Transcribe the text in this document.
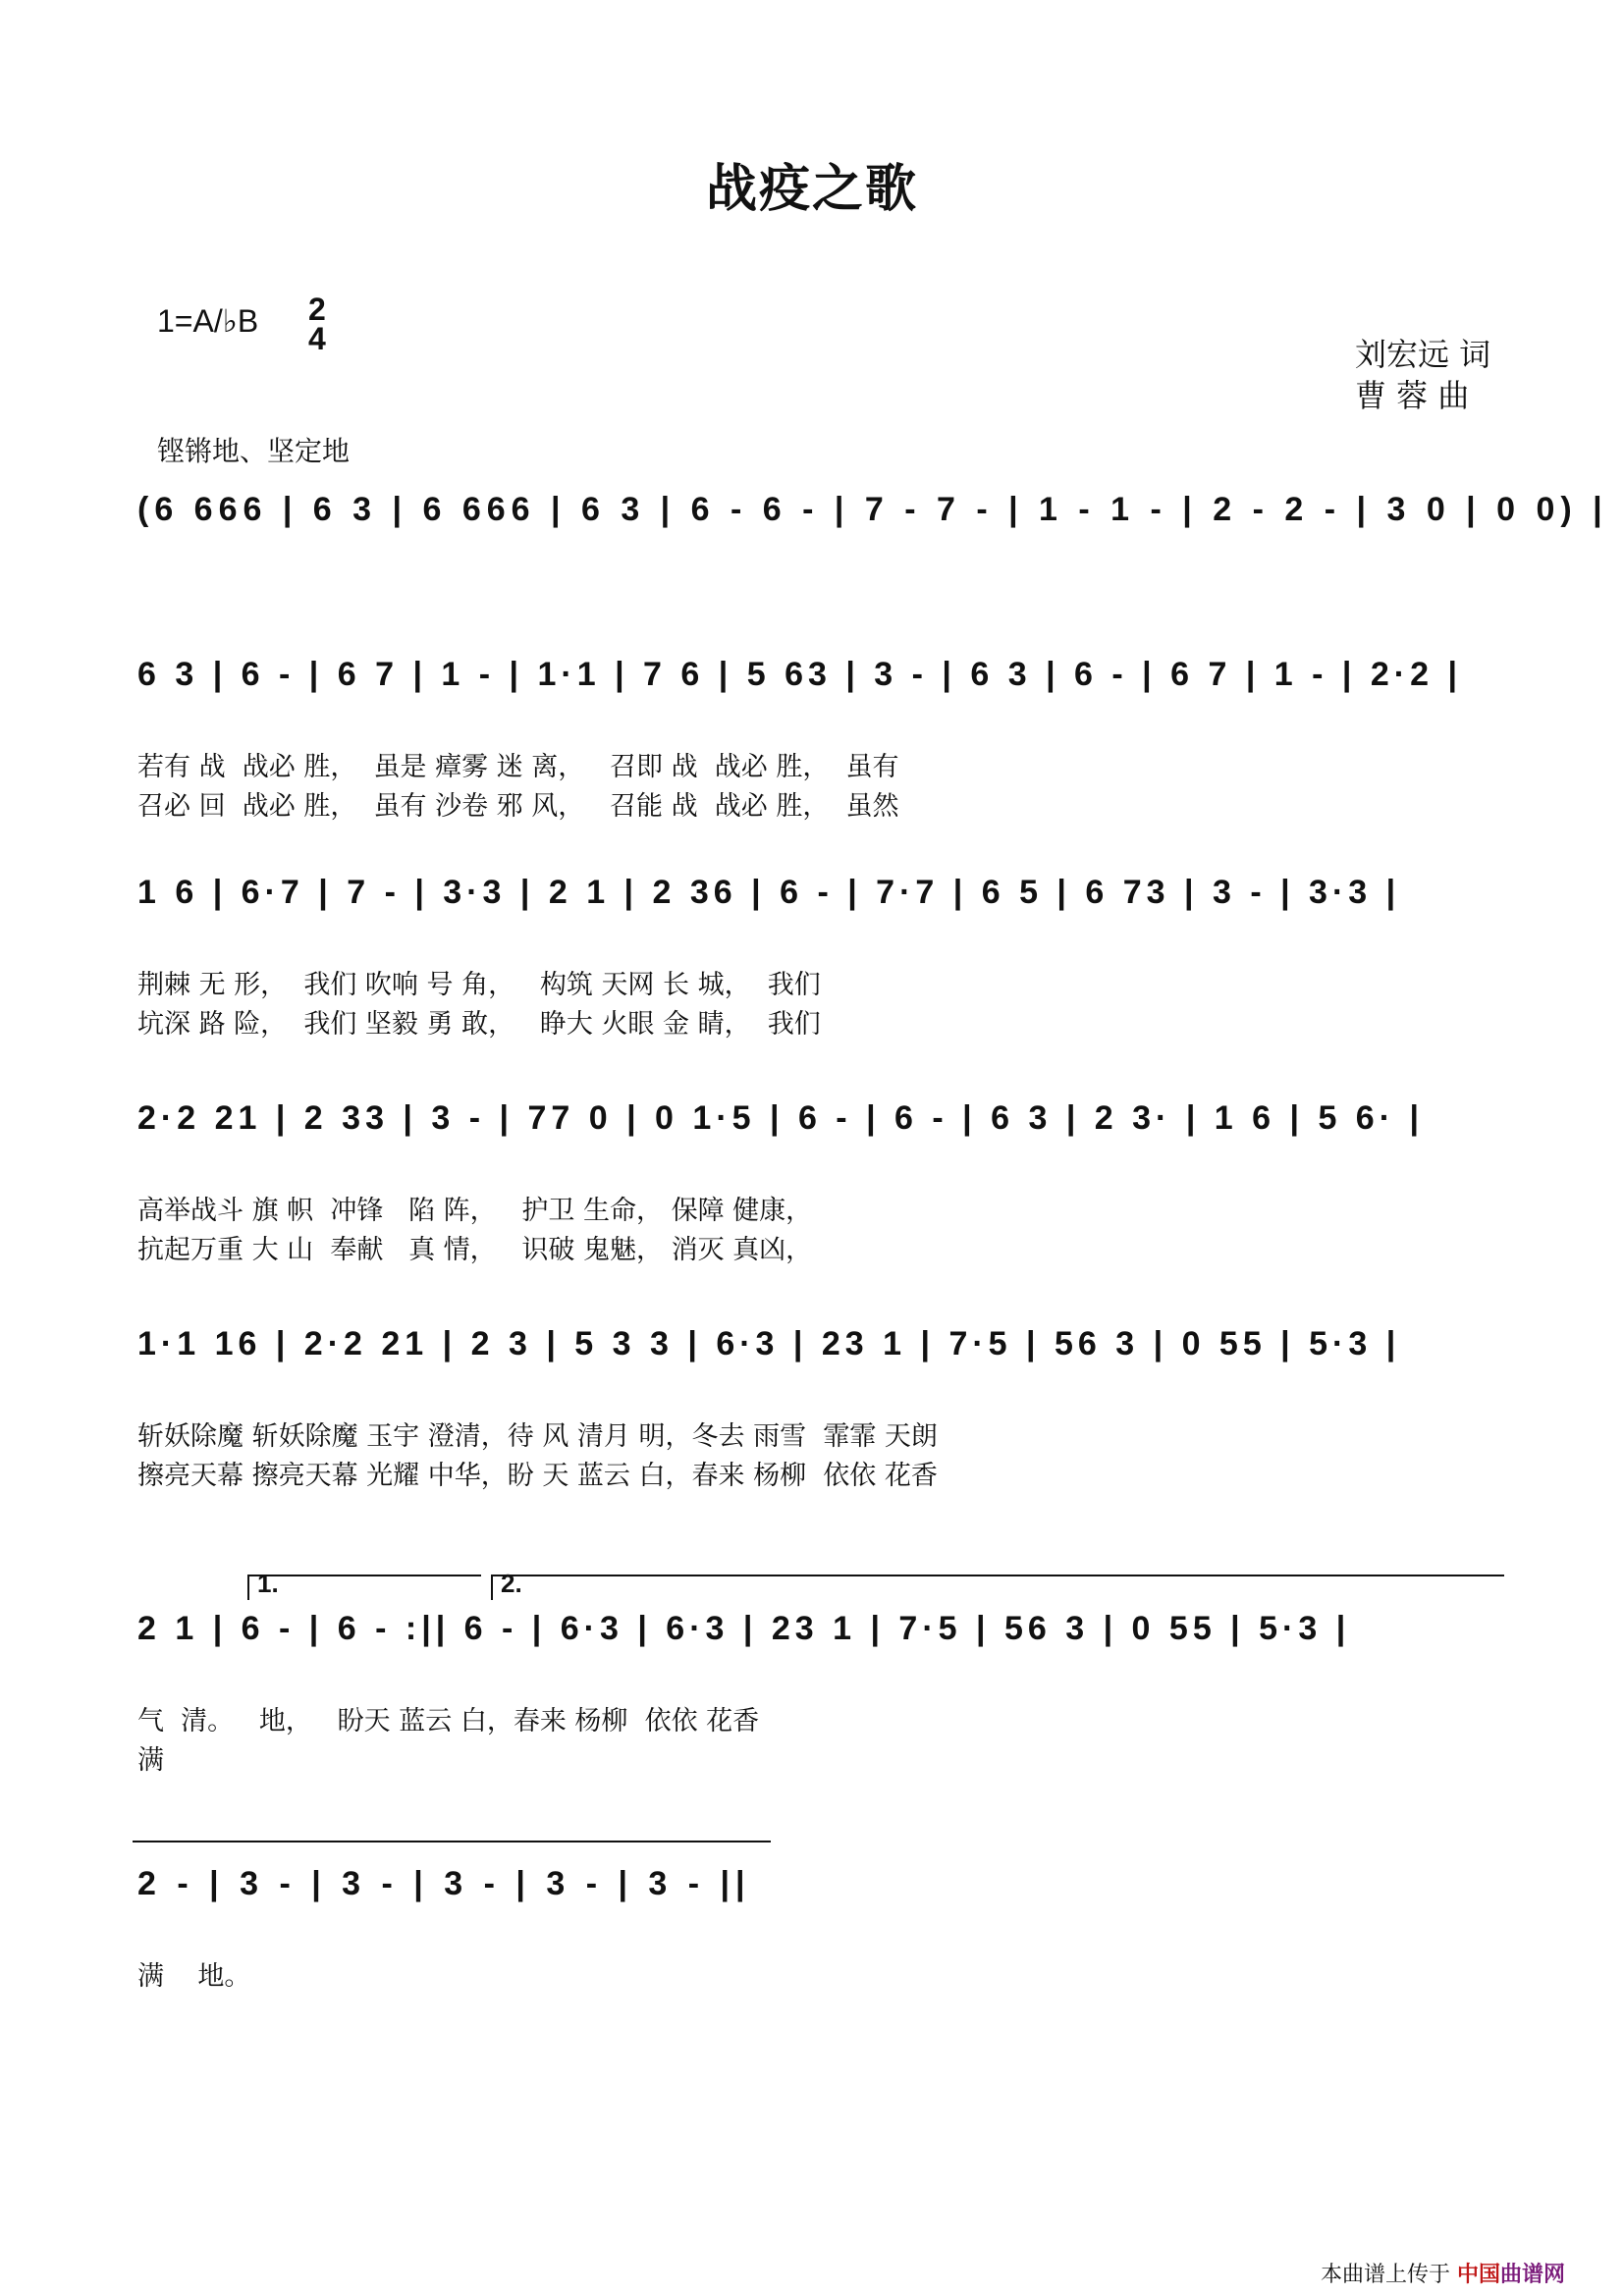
战疫之歌
1=A/♭B 2
4	刘宏远 词
曹 蓉 曲
铿锵地、坚定地
(6 666 | 6 3 | 6 666 | 6 3 | 6 - 6 - | 7 - 7 - | 1 - 1 - | 2 - 2 - | 3 0 | 0 0) |
6 3 | 6 - | 6 7 | 1 - | 1·1 | 7 6 | 5 63 | 3 - | 6 3 | 6 - | 6 7 | 1 - | 2·2 |

若有 战  战必 胜，  虽是 瘴雾 迷 离，   召即 战  战必 胜，  虽有

召必 回  战必 胜，  虽有 沙卷 邪 风，   召能 战  战必 胜，  虽然

1 6 | 6·7 | 7 - | 3·3 | 2 1 | 2 36 | 6 - | 7·7 | 6 5 | 6 73 | 3 - | 3·3 |

荆棘 无 形，  我们 吹响 号 角，   构筑 天网 长 城，  我们

坑深 路 险，  我们 坚毅 勇 敢，   睁大 火眼 金 睛，  我们

2·2 21 | 2 33 | 3 - | 77 0 | 0 1·5 | 6 - | 6 - | 6 3 | 2 3· | 1 6 | 5 6· |

高举战斗 旗 帜  冲锋   陷 阵，   护卫 生命， 保障 健康，

抗起万重 大 山  奉献   真 情，   识破 鬼魅， 消灭 真凶，

1·1 16 | 2·2 21 | 2 3 | 5 3 3 | 6·3 | 23 1 | 7·5 | 56 3 | 0 55 | 5·3 |

斩妖除魔 斩妖除魔 玉宇 澄清，待 风 清月 明，冬去 雨雪  霏霏 天朗

擦亮天幕 擦亮天幕 光耀 中华，盼 天 蓝云 白，春来 杨柳  依依 花香

1.	2.
2 1 | 6 - | 6 - :|| 6 - | 6·3 | 6·3 | 23 1 | 7·5 | 56 3 | 0 55 | 5·3 |

气  清。   地，   盼天 蓝云 白，春来 杨柳  依依 花香

满

2 - | 3 - | 3 - | 3 - | 3 - | 3 - ||

满    地。

本曲谱上传于 中国曲谱网
